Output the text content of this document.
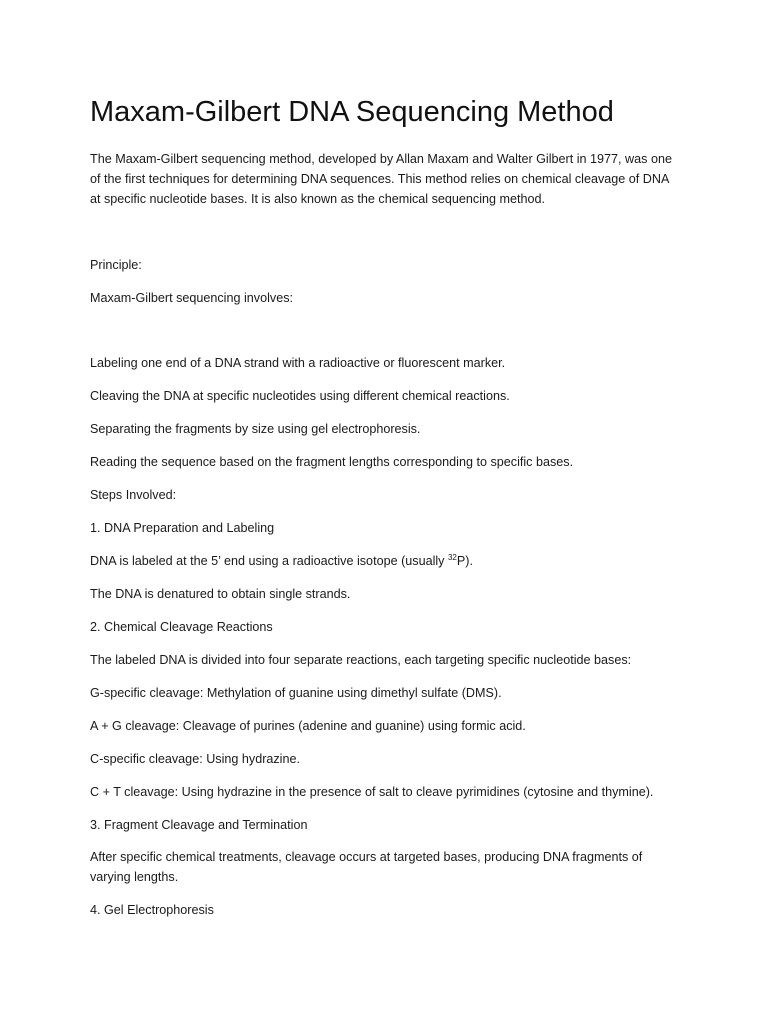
Maxam-Gilbert DNA Sequencing Method

The Maxam-Gilbert sequencing method, developed by Allan Maxam and Walter Gilbert in 1977, was one

of the first techniques for determining DNA sequences. This method relies on chemical cleavage of DNA

at specific nucleotide bases. It is also known as the chemical sequencing method.

Principle:

Maxam-Gilbert sequencing involves:

Labeling one end of a DNA strand with a radioactive or fluorescent marker.

Cleaving the DNA at specific nucleotides using different chemical reactions.

Separating the fragments by size using gel electrophoresis.

Reading the sequence based on the fragment lengths corresponding to specific bases.

Steps Involved:

1. DNA Preparation and Labeling

DNA is labeled at the 5’ end using a radioactive isotope (usually $^{32}$P).

The DNA is denatured to obtain single strands.

2. Chemical Cleavage Reactions

The labeled DNA is divided into four separate reactions, each targeting specific nucleotide bases:

G-specific cleavage: Methylation of guanine using dimethyl sulfate (DMS).

A + G cleavage: Cleavage of purines (adenine and guanine) using formic acid.

C-specific cleavage: Using hydrazine.

C + T cleavage: Using hydrazine in the presence of salt to cleave pyrimidines (cytosine and thymine).

3. Fragment Cleavage and Termination

After specific chemical treatments, cleavage occurs at targeted bases, producing DNA fragments of

varying lengths.

4. Gel Electrophoresis
